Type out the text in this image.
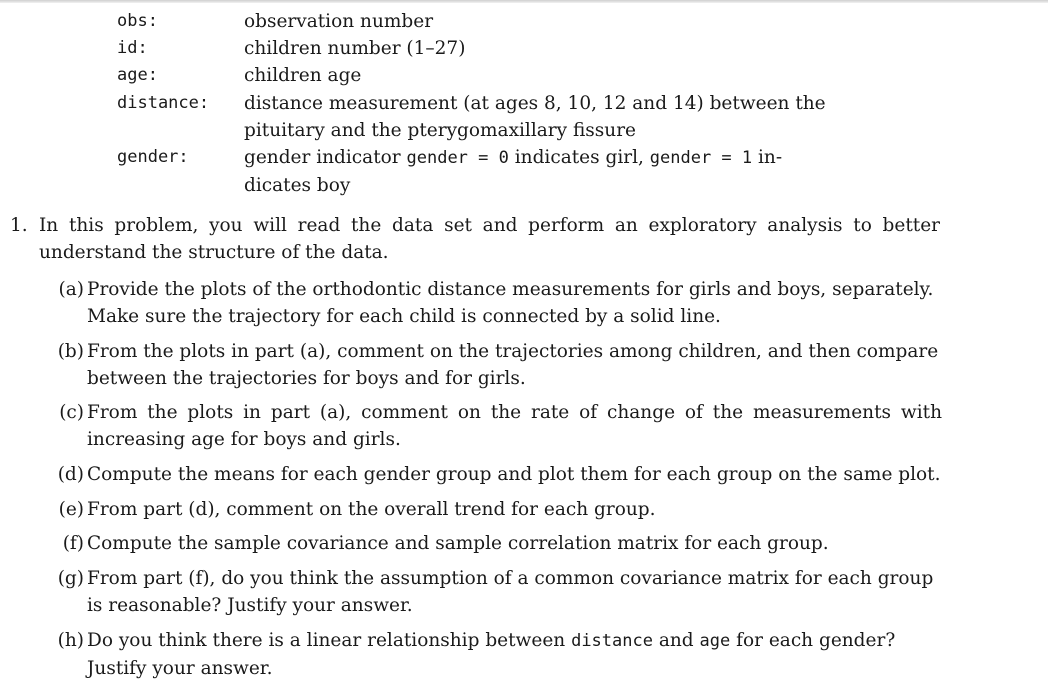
obs:	observation number
id:	children number (1–27)
age:	children age
distance: distance measurement (at ages 8, 10, 12 and 14) between the
pituitary and the pterygomaxillary fissure
gender:	gender indicator gender = 0 indicates girl, gender = 1 in-
dicates boy
1. In this problem, you will read the data set and perform an exploratory analysis to better
understand the structure of the data.
(a) Provide the plots of the orthodontic distance measurements for girls and boys, separately.
Make sure the trajectory for each child is connected by a solid line.
(b) From the plots in part (a), comment on the trajectories among children, and then compare
between the trajectories for boys and for girls.
(c) From the plots in part (a), comment on the rate of change of the measurements with
increasing age for boys and girls.
(d) Compute the means for each gender group and plot them for each group on the same plot.
(e) From part (d), comment on the overall trend for each group.
(f) Compute the sample covariance and sample correlation matrix for each group.
(g) From part (f), do you think the assumption of a common covariance matrix for each group
is reasonable? Justify your answer.
(h) Do you think there is a linear relationship between distance and age for each gender?
Justify your answer.
